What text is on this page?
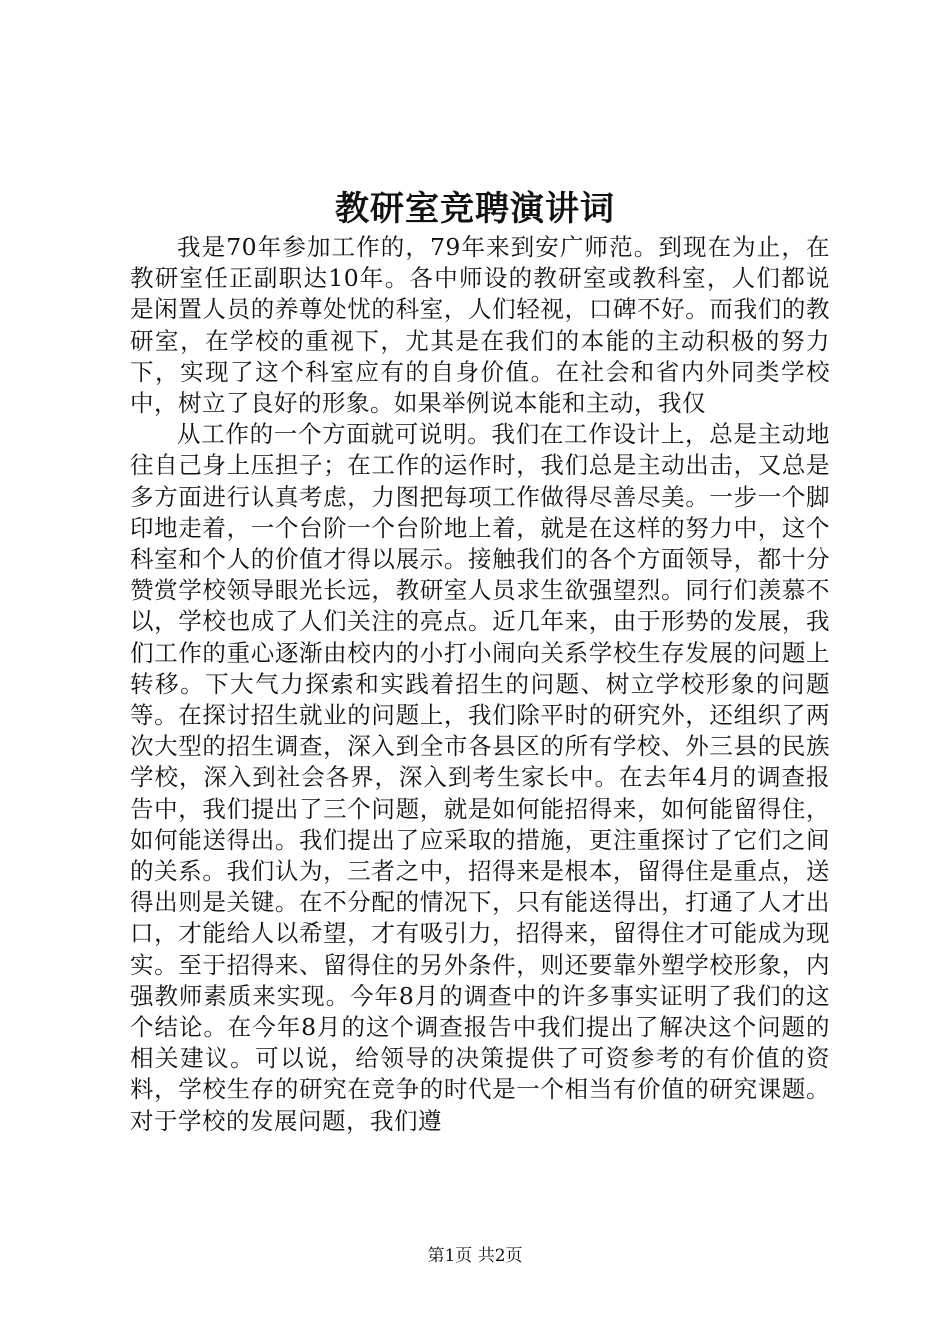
教研室竞聘演讲词

我是70年参加工作的，79年来到安广师范。到现在为止，在教研室任正副职达10年。各中师设的教研室或教科室，人们都说是闲置人员的养尊处忧的科室，人们轻视，口碑不好。而我们的教研室，在学校的重视下，尤其是在我们的本能的主动积极的努力下，实现了这个科室应有的自身价值。在社会和省内外同类学校中，树立了良好的形象。如果举例说本能和主动，我仅

从工作的一个方面就可说明。我们在工作设计上，总是主动地往自己身上压担子；在工作的运作时，我们总是主动出击，又总是多方面进行认真考虑，力图把每项工作做得尽善尽美。一步一个脚印地走着，一个台阶一个台阶地上着，就是在这样的努力中，这个科室和个人的价值才得以展示。接触我们的各个方面领导，都十分赞赏学校领导眼光长远，教研室人员求生欲强望烈。同行们羡慕不以，学校也成了人们关注的亮点。近几年来，由于形势的发展，我们工作的重心逐渐由校内的小打小闹向关系学校生存发展的问题上转移。下大气力探索和实践着招生的问题、树立学校形象的问题等。在探讨招生就业的问题上，我们除平时的研究外，还组织了两次大型的招生调查，深入到全市各县区的所有学校、外三县的民族学校，深入到社会各界，深入到考生家长中。在去年4月的调查报告中，我们提出了三个问题，就是如何能招得来，如何能留得住，如何能送得出。我们提出了应采取的措施，更注重探讨了它们之间的关系。我们认为，三者之中，招得来是根本，留得住是重点，送得出则是关键。在不分配的情况下，只有能送得出，打通了人才出口，才能给人以希望，才有吸引力，招得来，留得住才可能成为现实。至于招得来、留得住的另外条件，则还要靠外塑学校形象，内强教师素质来实现。今年8月的调查中的许多事实证明了我们的这个结论。在今年8月的这个调查报告中我们提出了解决这个问题的相关建议。可以说，给领导的决策提供了可资参考的有价值的资料，学校生存的研究在竞争的时代是一个相当有价值的研究课题。对于学校的发展问题，我们遵

第1页 共2页
